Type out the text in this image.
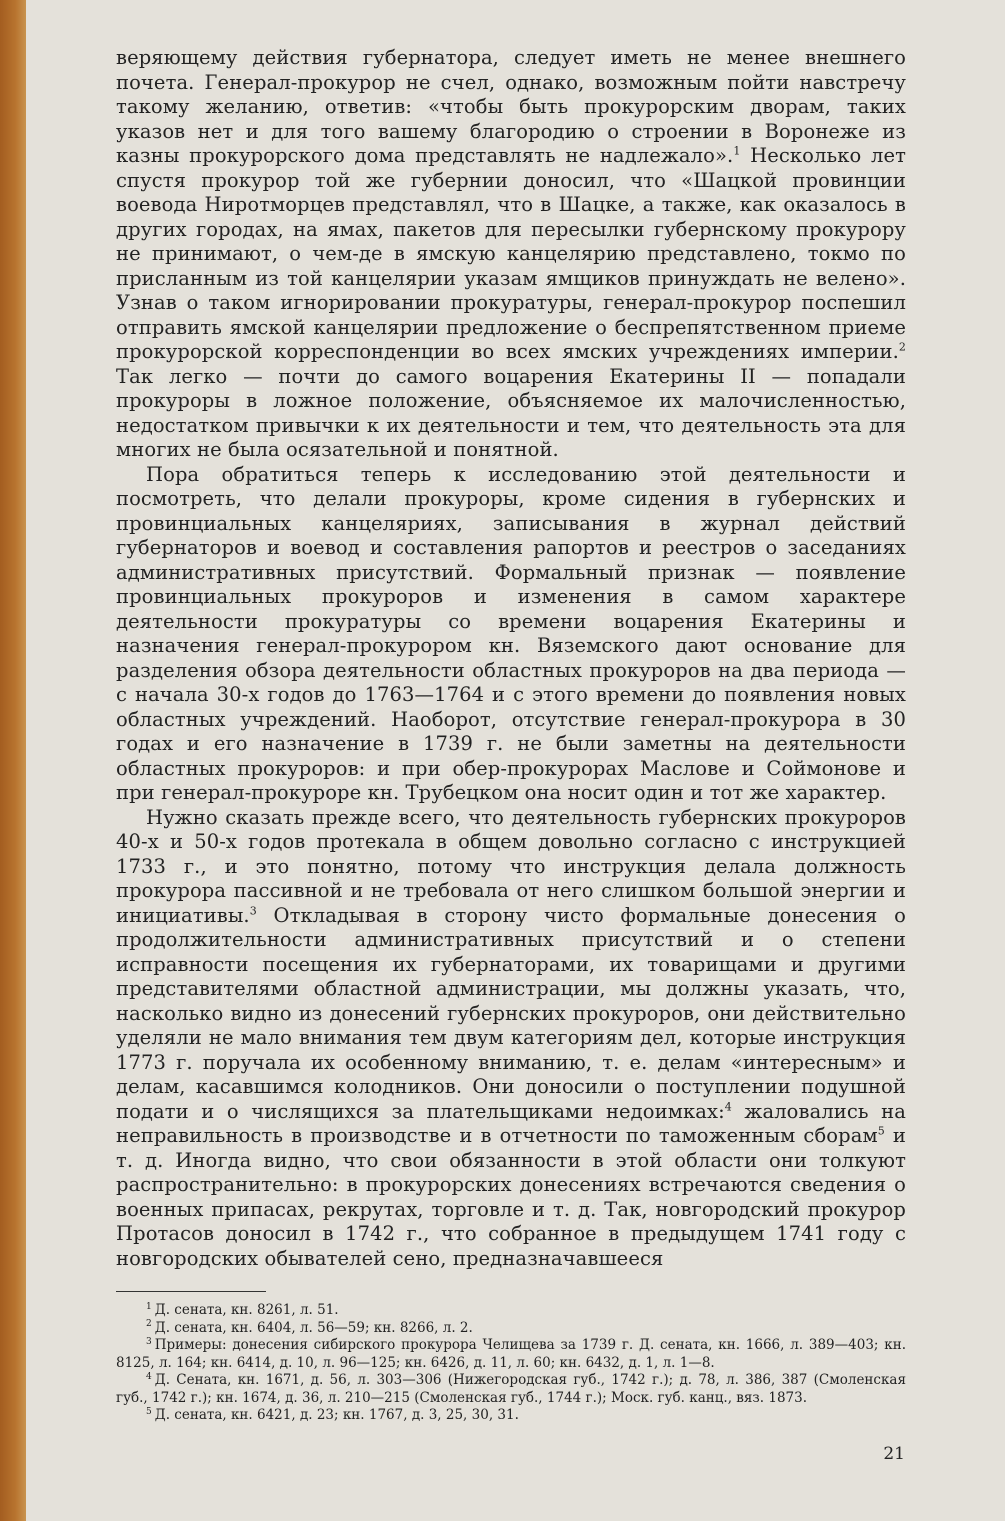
веряющему действия губернатора, следует иметь не менее внешнего почета. Генерал-прокурор не счел, однако, возможным пойти навстречу такому желанию, ответив: «чтобы быть прокурорским дворам, таких указов нет и для того вашему благородию о строении в Воронеже из казны прокурорского дома представлять не надлежало».$^1$ Несколько лет спустя прокурор той же губернии доносил, что «Шацкой провинции воевода Ниротморцев представлял, что в Шацке, а также, как оказалось в других городах, на ямах, пакетов для пересылки губернскому прокурору не принимают, о чем-де в ямскую канцелярию представлено, токмо по присланным из той канцелярии указам ямщиков принуждать не велено». Узнав о таком игнорировании прокуратуры, генерал-прокурор поспешил отправить ямской канцелярии предложение о беспрепятственном приеме прокурорской корреспонденции во всех ямских учреждениях империи.$^2$ Так легко — почти до самого воцарения Екатерины II — попадали прокуроры в ложное положение, объясняемое их малочисленностью, недостатком привычки к их деятельности и тем, что деятельность эта для многих не была осязательной и понятной.

Пора обратиться теперь к исследованию этой деятельности и посмотреть, что делали прокуроры, кроме сидения в губернских и провинциальных канцеляриях, записывания в журнал действий губернаторов и воевод и составления рапортов и реестров о заседаниях административных присутствий. Формальный признак — появление провинциальных прокуроров и изменения в самом характере деятельности прокуратуры со времени воцарения Екатерины и назначения генерал-прокурором кн. Вяземского дают основание для разделения обзора деятельности областных прокуроров на два периода — с начала 30-х годов до 1763—1764 и с этого времени до появления новых областных учреждений. Наоборот, отсутствие генерал-прокурора в 30 годах и его назначение в 1739 г. не были заметны на деятельности областных прокуроров: и при обер-прокурорах Маслове и Соймонове и при генерал-прокуроре кн. Трубецком она носит один и тот же характер.

Нужно сказать прежде всего, что деятельность губернских прокуроров 40-х и 50-х годов протекала в общем довольно согласно с инструкцией 1733 г., и это понятно, потому что инструкция делала должность прокурора пассивной и не требовала от него слишком большой энергии и инициативы.$^3$ Откладывая в сторону чисто формальные донесения о продолжительности административных присутствий и о степени исправности посещения их губернаторами, их товарищами и другими представителями областной администрации, мы должны указать, что, насколько видно из донесений губернских прокуроров, они действительно уделяли не мало внимания тем двум категориям дел, которые инструкция 1773 г. поручала их особенному вниманию, т. е. делам «интересным» и делам, касавшимся колодников. Они доносили о поступлении подушной подати и о числящихся за плательщиками недоимках:$^4$ жаловались на неправильность в производстве и в отчетности по таможенным сборам$^5$ и т. д. Иногда видно, что свои обязанности в этой области они толкуют распространительно: в прокурорских донесениях встречаются сведения о военных припасах, рекрутах, торговле и т. д. Так, новгородский прокурор Протасов доносил в 1742 г., что собранное в предыдущем 1741 году с новгородских обывателей сено, предназначавшееся

$^1$ Д. сената, кн. 8261, л. 51.

$^2$ Д. сената, кн. 6404, л. 56—59; кн. 8266, л. 2.

$^3$ Примеры: донесения сибирского прокурора Челищева за 1739 г. Д. сената, кн. 1666, л. 389—403; кн. 8125, л. 164; кн. 6414, д. 10, л. 96—125; кн. 6426, д. 11, л. 60; кн. 6432, д. 1, л. 1—8.

$^4$ Д. Сената, кн. 1671, д. 56, л. 303—306 (Нижегородская губ., 1742 г.); д. 78, л. 386, 387 (Смоленская губ., 1742 г.); кн. 1674, д. 36, л. 210—215 (Смоленская губ., 1744 г.); Моск. губ. канц., вяз. 1873.

$^5$ Д. сената, кн. 6421, д. 23; кн. 1767, д. 3, 25, 30, 31.

21
